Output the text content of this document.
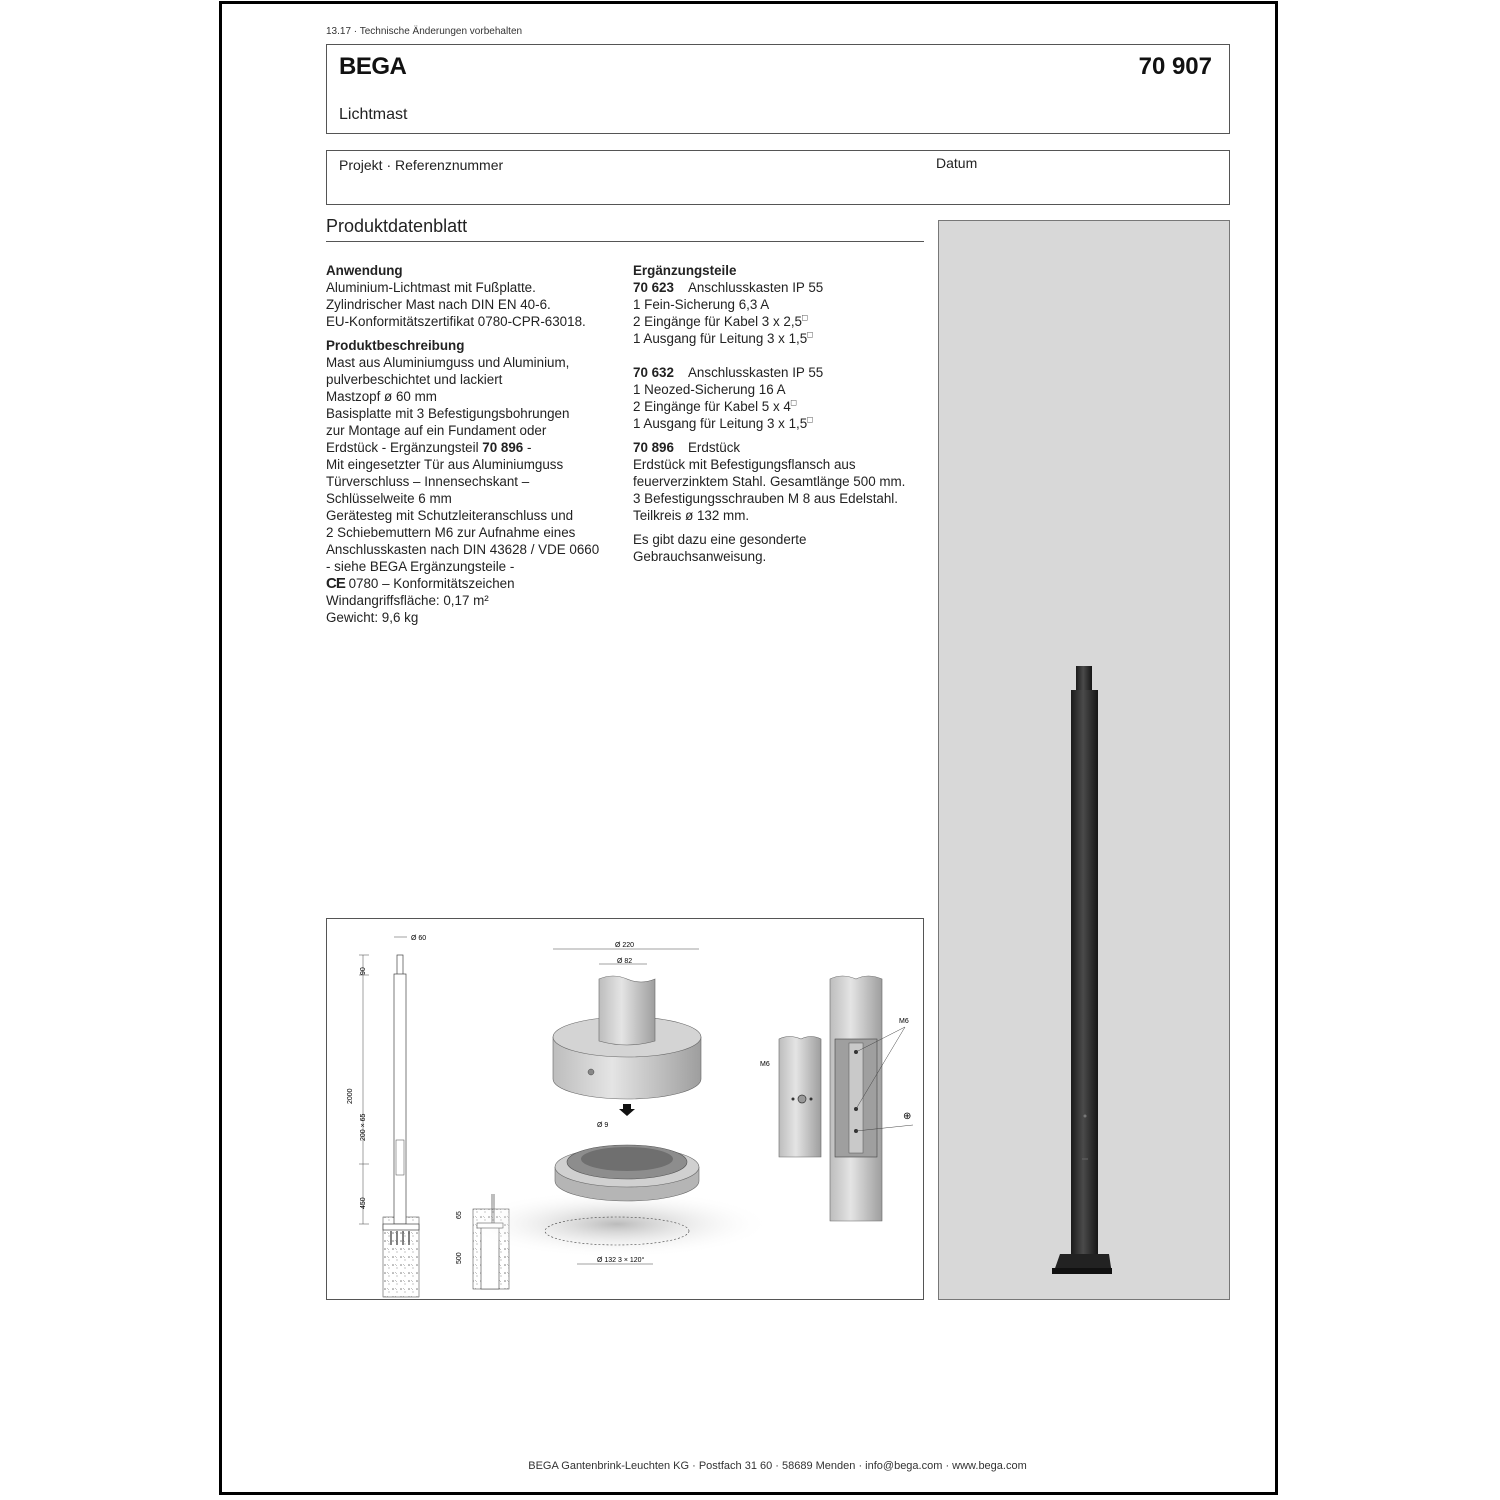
13.17 · Technische Änderungen vorbehalten
BEGA	70 907
Lichtmast
Projekt · Referenznummer	Datum
Produktdatenblatt

Anwendung

Aluminium-Lichtmast mit Fußplatte.

Zylindrischer Mast nach DIN EN 40-6.

EU-Konformitätszertifikat 0780-CPR-63018.

Produktbeschreibung

Mast aus Aluminiumguss und Aluminium,

pulverbeschichtet und lackiert

Mastzopf ø 60 mm

Basisplatte mit 3 Befestigungsbohrungen

zur Montage auf ein Fundament oder

Erdstück - Ergänzungsteil 70 896 -

Mit eingesetzter Tür aus Aluminiumguss

Türverschluss – Innensechskant –

Schlüsselweite 6 mm

Gerätesteg mit Schutzleiteranschluss und

2 Schiebemuttern M6 zur Aufnahme eines

Anschlusskasten nach DIN 43628 / VDE 0660

- siehe BEGA Ergänzungsteile -

CE 0780 – Konformitätszeichen

Windangriffsfläche: 0,17 m²

Gewicht: 9,6 kg

Ergänzungsteile

70 623 Anschlusskasten IP 55

1 Fein-Sicherung 6,3 A

2 Eingänge für Kabel 3 x 2,5□

1 Ausgang für Leitung 3 x 1,5□

70 632 Anschlusskasten IP 55

1 Neozed-Sicherung 16 A

2 Eingänge für Kabel 5 x 4□

1 Ausgang für Leitung 3 x 1,5□

70 896 Erdstück

Erdstück mit Befestigungsflansch aus

feuerverzinktem Stahl. Gesamtlänge 500 mm.

3 Befestigungsschrauben M 8 aus Edelstahl.

Teilkreis ø 132 mm.

Es gibt dazu eine gesonderte

Gebrauchsanweisung.

Ø 60
90
2000
200 × 65
450
65
500
Ø 220
Ø 82
Ø 9
Ø 132 3 × 120°
M6
M6
⊕
BEGA Gantenbrink-Leuchten KG · Postfach 31 60 · 58689 Menden · info@bega.com · www.bega.com
